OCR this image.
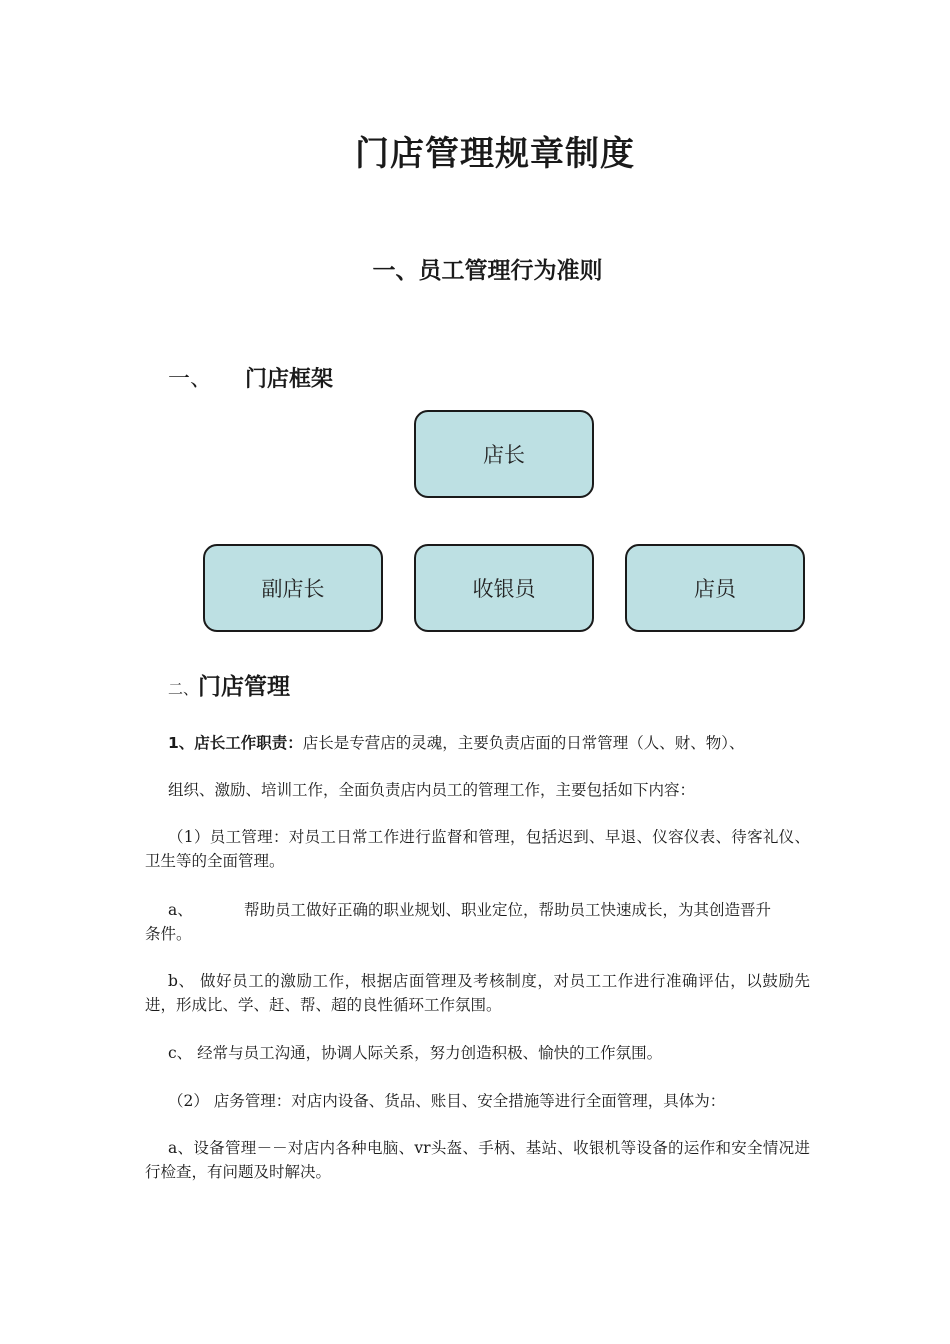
门店管理规章制度
一、员工管理行为准则
一、 门店框架
店长
副店长	收银员	店员
二、门店管理
1、店长工作职责：店长是专营店的灵魂，主要负责店面的日常管理（人、财、物）、
组织、激励、培训工作，全面负责店内员工的管理工作，主要包括如下内容：
（1）员工管理：对员工日常工作进行监督和管理，包括迟到、早退、仪容仪表、待客礼仪、卫生等的全面管理。
a、	帮助员工做好正确的职业规划、职业定位，帮助员工快速成长，为其创造晋升
条件。
b、 做好员工的激励工作，根据店面管理及考核制度，对员工工作进行准确评估，以鼓励先进，形成比、学、赶、帮、超的良性循环工作氛围。
c、 经常与员工沟通，协调人际关系，努力创造积极、愉快的工作氛围。
（2） 店务管理：对店内设备、货品、账目、安全措施等进行全面管理，具体为：
a、设备管理－－对店内各种电脑、vr头盔、手柄、基站、收银机等设备的运作和安全情况进行检查，有问题及时解决。
